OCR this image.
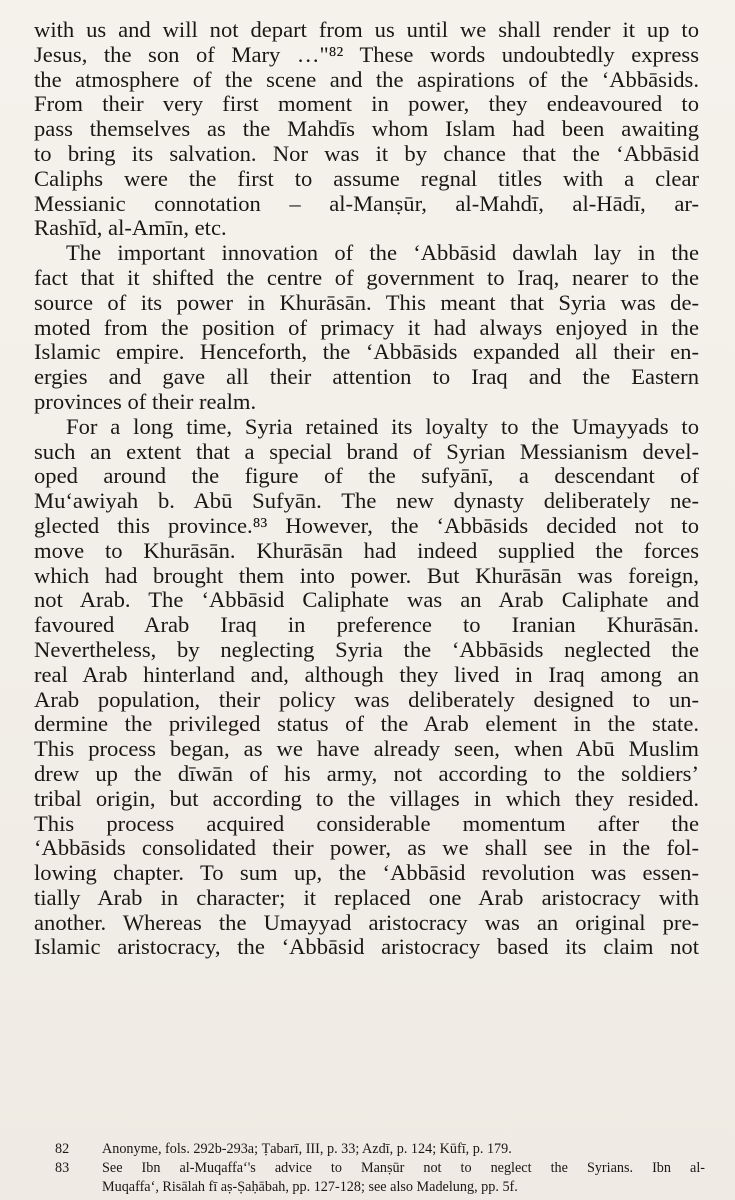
with us and will not depart from us until we shall render it up to
Jesus, the son of Mary …"⁸² These words undoubtedly express
the atmosphere of the scene and the aspirations of the ‘Abbāsids.
From their very first moment in power, they endeavoured to
pass themselves as the Mahdīs whom Islam had been awaiting
to bring its salvation. Nor was it by chance that the ‘Abbāsid
Caliphs were the first to assume regnal titles with a clear
Messianic connotation – al-Manṣūr, al-Mahdī, al-Hādī, ar-
Rashīd, al-Amīn, etc.
The important innovation of the ‘Abbāsid dawlah lay in the
fact that it shifted the centre of government to Iraq, nearer to the
source of its power in Khurāsān. This meant that Syria was de-
moted from the position of primacy it had always enjoyed in the
Islamic empire. Henceforth, the ‘Abbāsids expanded all their en-
ergies and gave all their attention to Iraq and the Eastern
provinces of their realm.
For a long time, Syria retained its loyalty to the Umayyads to
such an extent that a special brand of Syrian Messianism devel-
oped around the figure of the sufyānī, a descendant of
Mu‘awiyah b. Abū Sufyān. The new dynasty deliberately ne-
glected this province.⁸³ However, the ‘Abbāsids decided not to
move to Khurāsān. Khurāsān had indeed supplied the forces
which had brought them into power. But Khurāsān was foreign,
not Arab. The ‘Abbāsid Caliphate was an Arab Caliphate and
favoured Arab Iraq in preference to Iranian Khurāsān.
Nevertheless, by neglecting Syria the ‘Abbāsids neglected the
real Arab hinterland and, although they lived in Iraq among an
Arab population, their policy was deliberately designed to un-
dermine the privileged status of the Arab element in the state.
This process began, as we have already seen, when Abū Muslim
drew up the dīwān of his army, not according to the soldiers’
tribal origin, but according to the villages in which they resided.
This process acquired considerable momentum after the
‘Abbāsids consolidated their power, as we shall see in the fol-
lowing chapter. To sum up, the ‘Abbāsid revolution was essen-
tially Arab in character; it replaced one Arab aristocracy with
another. Whereas the Umayyad aristocracy was an original pre-
Islamic aristocracy, the ‘Abbāsid aristocracy based its claim not
82	Anonyme, fols. 292b-293a; Ṭabarī, III, p. 33; Azdī, p. 124; Kūfī, p. 179.
83	See Ibn al-Muqaffa‘'s advice to Manṣūr not to neglect the Syrians. Ibn al-
Muqaffa‘, Risālah fī aṣ-Ṣaḥābah, pp. 127-128; see also Madelung, pp. 5f.
